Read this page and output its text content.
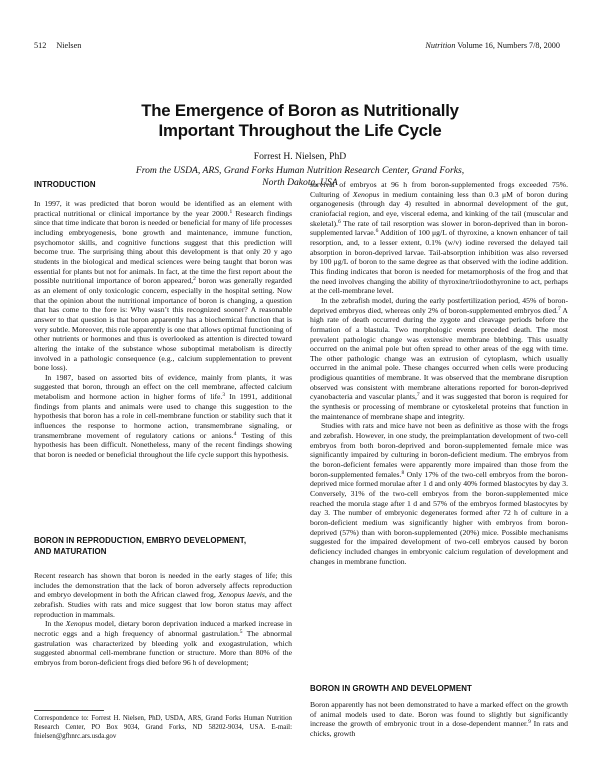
512 Nielsen	Nutrition Volume 16, Numbers 7/8, 2000
The Emergence of Boron as Nutritionally
Important Throughout the Life Cycle
Forrest H. Nielsen, PhD
From the USDA, ARS, Grand Forks Human Nutrition Research Center, Grand Forks,
North Dakota, USA
INTRODUCTION
BORON IN REPRODUCTION, EMBRYO DEVELOPMENT,
AND MATURATION
BORON IN GROWTH AND DEVELOPMENT

In 1997, it was predicted that boron would be identified as an element with practical nutritional or clinical importance by the year 2000.$^1$ Research findings since that time indicate that boron is needed or beneficial for many of life processes including embryogenesis, bone growth and maintenance, immune function, psychomotor skills, and cognitive functions suggest that this prediction will become true. The surprising thing about this development is that only 20 y ago students in the biological and medical sciences were being taught that boron was essential for plants but not for animals. In fact, at the time the first report about the possible nutritional importance of boron appeared,$^2$ boron was generally regarded as an element of only toxicologic concern, especially in the hospital setting. Now that the opinion about the nutritional importance of boron is changing, a question that has come to the fore is: Why wasn’t this recognized sooner? A reasonable answer to that question is that boron apparently has a biochemical function that is very subtle. Moreover, this role apparently is one that allows optimal functioning of other nutrients or hormones and thus is overlooked as attention is directed toward altering the intake of the substance whose suboptimal metabolism is directly involved in a pathologic consequence (e.g., calcium supplementation to prevent bone loss).

In 1987, based on assorted bits of evidence, mainly from plants, it was suggested that boron, through an effect on the cell membrane, affected calcium metabolism and hormone action in higher forms of life.$^3$ In 1991, additional findings from plants and animals were used to change this suggestion to the hypothesis that boron has a role in cell-membrane function or stability such that it influences the response to hormone action, transmembrane signaling, or transmembrane movement of regulatory cations or anions.$^4$ Testing of this hypothesis has been difficult. Nonetheless, many of the recent findings showing that boron is needed or beneficial throughout the life cycle support this hypothesis.

Recent research has shown that boron is needed in the early stages of life; this includes the demonstration that the lack of boron adversely affects reproduction and embryo development in both the African clawed frog, Xenopus laevis, and the zebrafish. Studies with rats and mice suggest that low boron status may affect reproduction in mammals.

In the Xenopus model, dietary boron deprivation induced a marked increase in necrotic eggs and a high frequency of abnormal gastrulation.$^5$ The abnormal gastrulation was characterized by bleeding yolk and exogastrulation, which suggested abnormal cell-membrane function or structure. More than 80% of the embryos from boron-deficient frogs died before 96 h of development;

Correspondence to: Forrest H. Nielsen, PhD, USDA, ARS, Grand Forks Human Nutrition Research Center, PO Box 9034, Grand Forks, ND 58202-9034, USA. E-mail: fnielsen@gfhnrc.ars.usda.gov

survival of embryos at 96 h from boron-supplemented frogs exceeded 75%. Culturing of Xenopus in medium containing less than 0.3 μM of boron during organogenesis (through day 4) resulted in abnormal development of the gut, craniofacial region, and eye, visceral edema, and kinking of the tail (muscular and skeletal).$^6$ The rate of tail resorption was slower in boron-deprived than in boron-supplemented larvae.$^6$ Addition of 100 μg/L of thyroxine, a known enhancer of tail resorption, and, to a lesser extent, 0.1% (w/v) iodine reversed the delayed tail absorption in boron-deprived larvae. Tail-absorption inhibition was also reversed by 100 μg/L of boron to the same degree as that observed with the iodine addition. This finding indicates that boron is needed for metamorphosis of the frog and that the need involves changing the ability of thyroxine/triiodothyronine to act, perhaps at the cell-membrane level.

In the zebrafish model, during the early postfertilization period, 45% of boron-deprived embryos died, whereas only 2% of boron-supplemented embryos died.$^7$ A high rate of death occurred during the zygote and cleavage periods before the formation of a blastula. Two morphologic events preceded death. The most prevalent pathologic change was extensive membrane blebbing. This usually occurred on the animal pole but often spread to other areas of the egg with time. The other pathologic change was an extrusion of cytoplasm, which usually occurred in the animal pole. These changes occurred when cells were producing prodigious quantities of membrane. It was observed that the membrane disruption observed was consistent with membrane alterations reported for boron-deprived cyanobacteria and vascular plants,$^7$ and it was suggested that boron is required for the synthesis or processing of membrane or cytoskeletal proteins that function in the maintenance of membrane shape and integrity.

Studies with rats and mice have not been as definitive as those with the frogs and zebrafish. However, in one study, the preimplantation development of two-cell embryos from both boron-deprived and boron-supplemented female mice was significantly impaired by culturing in boron-deficient medium. The embryos from the boron-deficient females were apparently more impaired than those from the boron-supplemented females.$^8$ Only 17% of the two-cell embryos from the boron-deprived mice formed morulae after 1 d and only 40% formed blastocytes by day 3. Conversely, 31% of the two-cell embryos from the boron-supplemented mice reached the morula stage after 1 d and 57% of the embryos formed blastocytes by day 3. The number of embryonic degenerates formed after 72 h of culture in a boron-deficient medium was significantly higher with embryos from boron-deprived (57%) than with boron-supplemented (20%) mice. Possible mechanisms suggested for the impaired development of two-cell embryos caused by boron deficiency included changes in embryonic calcium regulation of development and changes in membrane function.

Boron apparently has not been demonstrated to have a marked effect on the growth of animal models used to date. Boron was found to slightly but significantly increase the growth of embryonic trout in a dose-dependent manner.$^9$ In rats and chicks, growth
